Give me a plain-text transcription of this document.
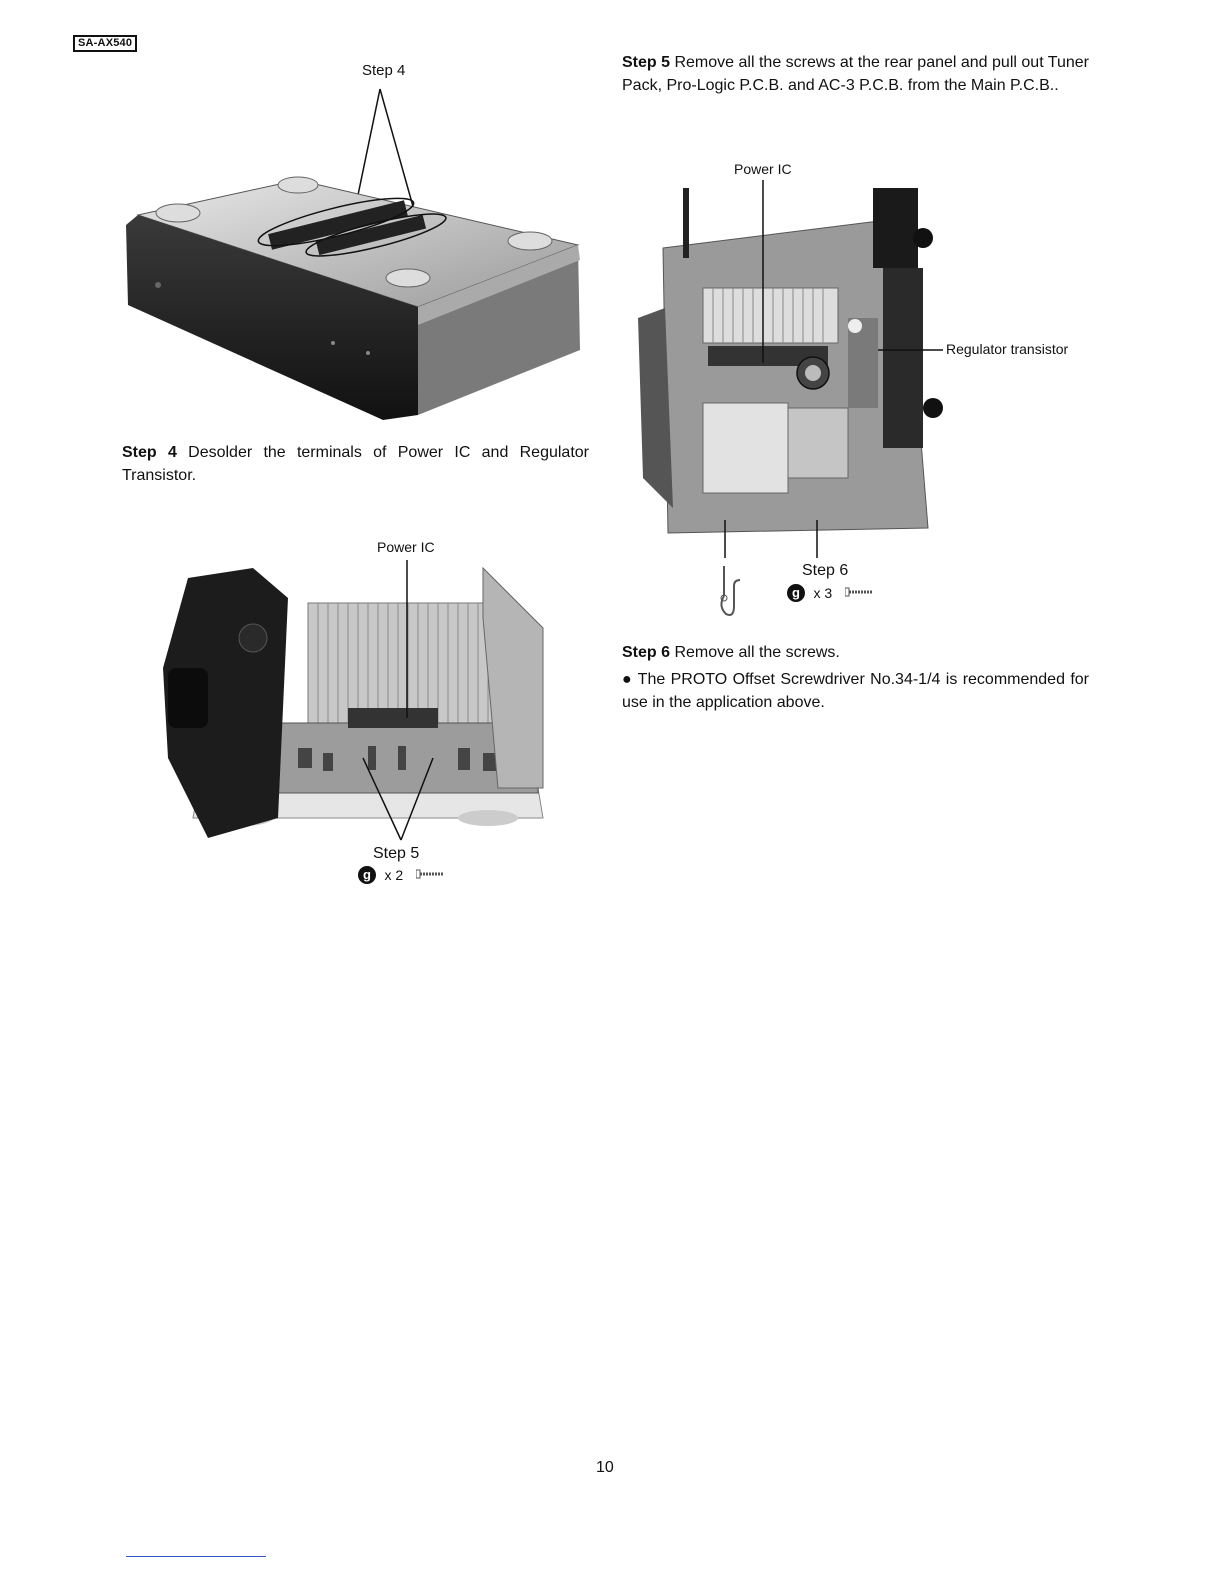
SA-AX540
Step 4
Step 4 Desolder the terminals of Power IC and Regulator Transistor.
Power IC
Step 5
g x 2
Step 5 Remove all the screws at the rear panel and pull out Tuner Pack, Pro-Logic P.C.B. and AC-3 P.C.B. from the Main P.C.B..
Power IC
Regulator transistor
Step 6
g x 3
Step 6 Remove all the screws.
● The PROTO Offset Screwdriver No.34-1/4 is recommended for use in the application above.
10
